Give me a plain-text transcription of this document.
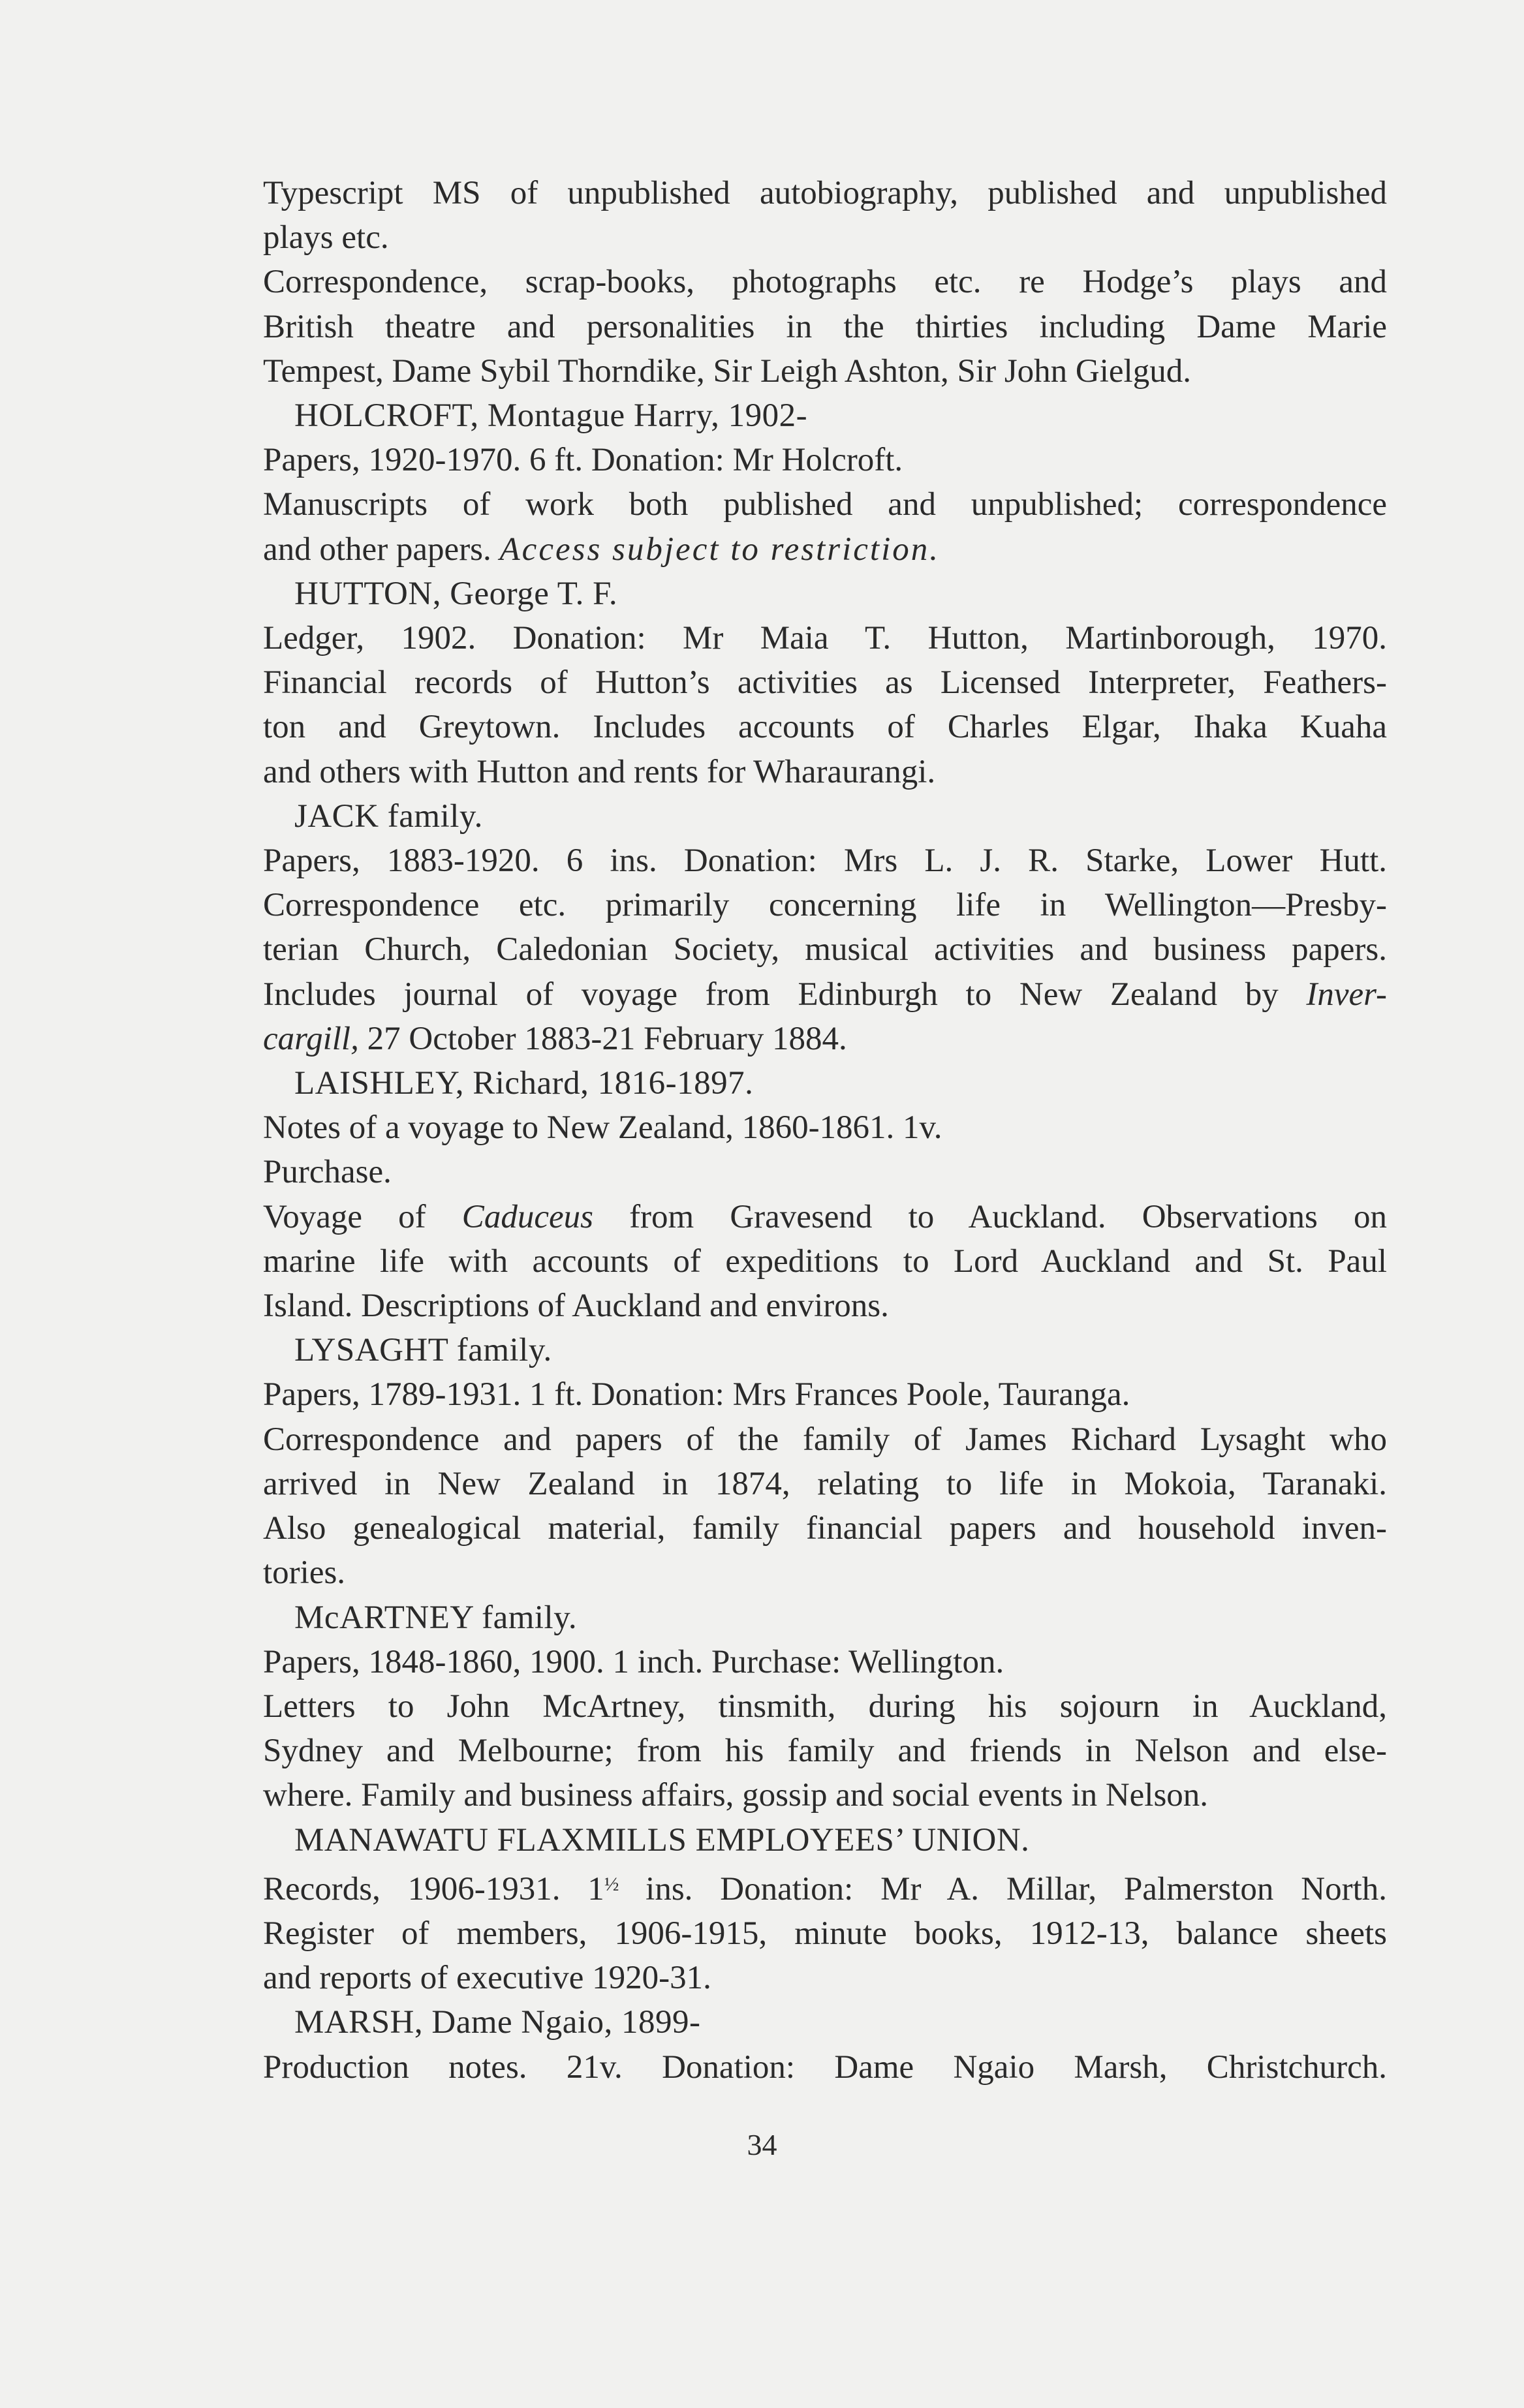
Typescript MS of unpublished autobiography, published and unpublished
plays etc.
Correspondence, scrap-books, photographs etc. re Hodge’s plays and
British theatre and personalities in the thirties including Dame Marie
Tempest, Dame Sybil Thorndike, Sir Leigh Ashton, Sir John Gielgud.
HOLCROFT, Montague Harry, 1902-
Papers, 1920-1970. 6 ft. Donation: Mr Holcroft.
Manuscripts of work both published and unpublished; correspondence
and other papers. Access subject to restriction.
HUTTON, George T. F.
Ledger, 1902. Donation: Mr Maia T. Hutton, Martinborough, 1970.
Financial records of Hutton’s activities as Licensed Interpreter, Feathers-
ton and Greytown. Includes accounts of Charles Elgar, Ihaka Kuaha
and others with Hutton and rents for Wharaurangi.
JACK family.
Papers, 1883-1920. 6 ins. Donation: Mrs L. J. R. Starke, Lower Hutt.
Correspondence etc. primarily concerning life in Wellington—Presby-
terian Church, Caledonian Society, musical activities and business papers.
Includes journal of voyage from Edinburgh to New Zealand by Inver-
cargill, 27 October 1883-21 February 1884.
LAISHLEY, Richard, 1816-1897.
Notes of a voyage to New Zealand, 1860-1861. 1v.
Purchase.
Voyage of Caduceus from Gravesend to Auckland. Observations on
marine life with accounts of expeditions to Lord Auckland and St. Paul
Island. Descriptions of Auckland and environs.
LYSAGHT family.
Papers, 1789-1931. 1 ft. Donation: Mrs Frances Poole, Tauranga.
Correspondence and papers of the family of James Richard Lysaght who
arrived in New Zealand in 1874, relating to life in Mokoia, Taranaki.
Also genealogical material, family financial papers and household inven-
tories.
McARTNEY family.
Papers, 1848-1860, 1900. 1 inch. Purchase: Wellington.
Letters to John McArtney, tinsmith, during his sojourn in Auckland,
Sydney and Melbourne; from his family and friends in Nelson and else-
where. Family and business affairs, gossip and social events in Nelson.
MANAWATU FLAXMILLS EMPLOYEES’ UNION.
Records, 1906-1931. $1^{\frac{1}{2}}$ ins. Donation: Mr A. Millar, Palmerston North.
Register of members, 1906-1915, minute books, 1912-13, balance sheets
and reports of executive 1920-31.
MARSH, Dame Ngaio, 1899-
Production notes. 21v. Donation: Dame Ngaio Marsh, Christchurch.
34
